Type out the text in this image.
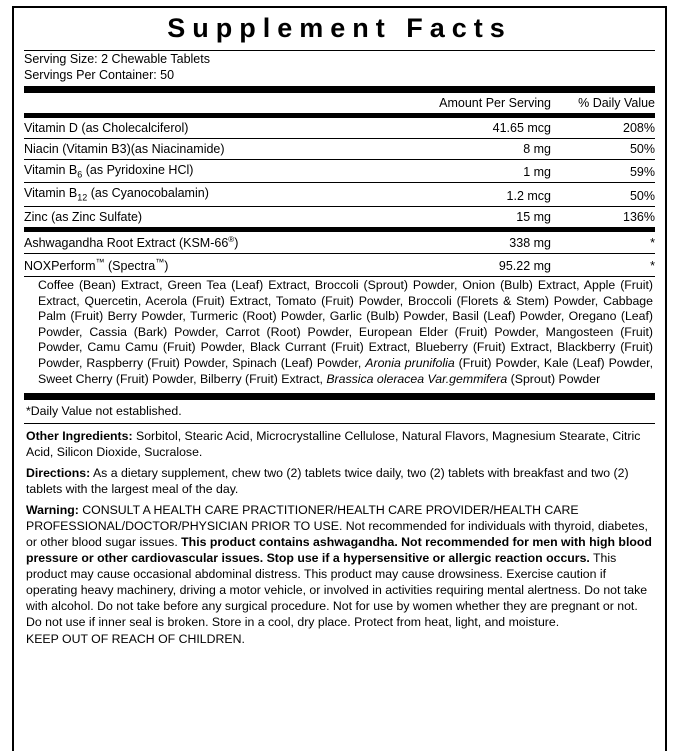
Supplement Facts
Serving Size: 2 Chewable Tablets
Servings Per Container: 50
	Amount Per Serving	% Daily Value

Vitamin D (as Cholecalciferol)	41.65 mcg	208%
Niacin (Vitamin B3)(as Niacinamide)	8 mg	50%
Vitamin $B_6$ (as Pyridoxine HCl)	1 mg	59%
Vitamin $B_{12}$ (as Cyanocobalamin)	1.2 mcg	50%
Zinc (as Zinc Sulfate)	15 mg	136%
Ashwagandha Root Extract (KSM-66®)	338 mg	*
NOXPerform™ (Spectra™)	95.22 mg	*
Coffee (Bean) Extract, Green Tea (Leaf) Extract, Broccoli (Sprout) Powder, Onion (Bulb) Extract, Apple (Fruit) Extract, Quercetin, Acerola (Fruit) Extract, Tomato (Fruit) Powder, Broccoli (Florets & Stem) Powder, Cabbage Palm (Fruit) Berry Powder, Turmeric (Root) Powder, Garlic (Bulb) Powder, Basil (Leaf) Powder, Oregano (Leaf) Powder, Cassia (Bark) Powder, Carrot (Root) Powder, European Elder (Fruit) Powder, Mangosteen (Fruit) Powder, Camu Camu (Fruit) Powder, Black Currant (Fruit) Extract, Blueberry (Fruit) Extract, Blackberry (Fruit) Powder, Raspberry (Fruit) Powder, Spinach (Leaf) Powder, Aronia prunifolia (Fruit) Powder, Kale (Leaf) Powder, Sweet Cherry (Fruit) Powder, Bilberry (Fruit) Extract, Brassica oleracea Var.gemmifera (Sprout) Powder
*Daily Value not established.
Other Ingredients: Sorbitol, Stearic Acid, Microcrystalline Cellulose, Natural Flavors, Magnesium Stearate, Citric Acid, Silicon Dioxide, Sucralose.
Directions: As a dietary supplement, chew two (2) tablets twice daily, two (2) tablets with breakfast and two (2) tablets with the largest meal of the day.
Warning: CONSULT A HEALTH CARE PRACTITIONER/HEALTH CARE PROVIDER/HEALTH CARE PROFESSIONAL/DOCTOR/PHYSICIAN PRIOR TO USE. Not recommended for individuals with thyroid, diabetes, or other blood sugar issues. This product contains ashwagandha. Not recommended for men with high blood pressure or other cardiovascular issues. Stop use if a hypersensitive or allergic reaction occurs. This product may cause occasional abdominal distress. This product may cause drowsiness. Exercise caution if operating heavy machinery, driving a motor vehicle, or involved in activities requiring mental alertness. Do not take with alcohol. Do not take before any surgical procedure. Not for use by women whether they are pregnant or not. Do not use if inner seal is broken. Store in a cool, dry place. Protect from heat, light, and moisture.
KEEP OUT OF REACH OF CHILDREN.
